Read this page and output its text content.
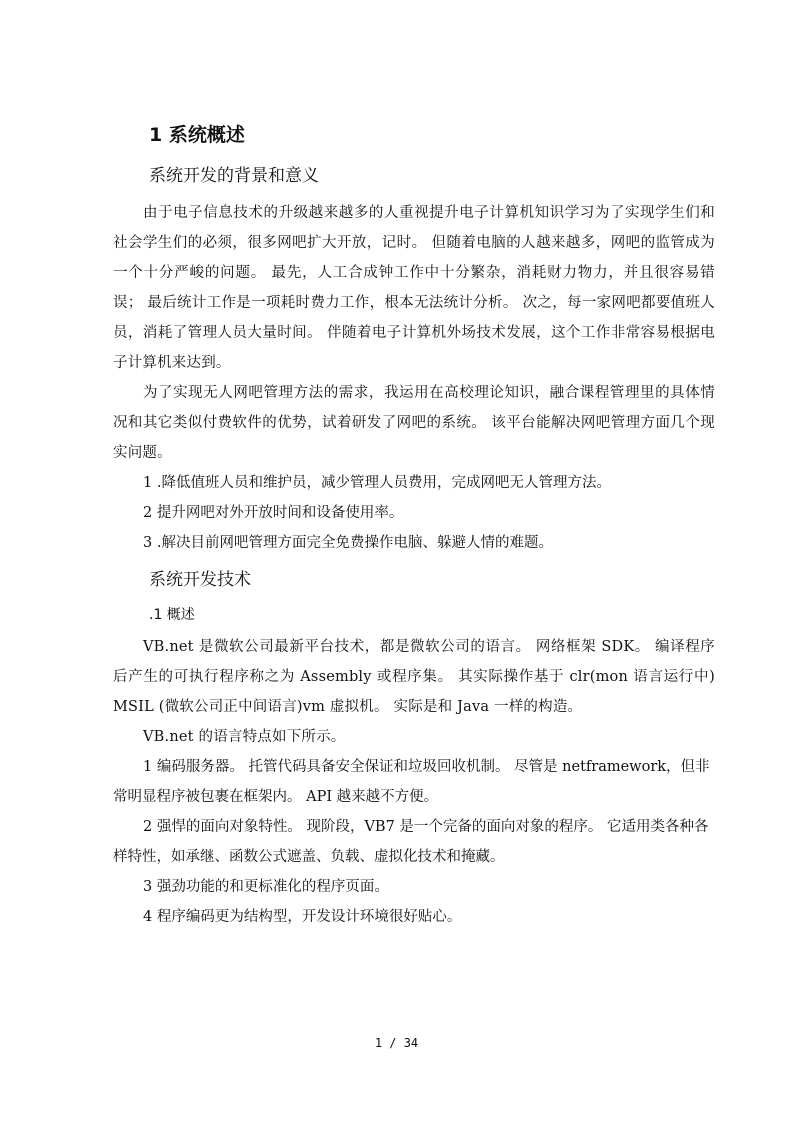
1 系统概述
系统开发的背景和意义

由于电子信息技术的升级越来越多的人重视提升电子计算机知识学习为了实现学生们和社会学生们的必须，很多网吧扩大开放，记时。 但随着电脑的人越来越多，网吧的监管成为一个十分严峻的问题。 最先，人工合成钟工作中十分繁杂，消耗财力物力，并且很容易错误； 最后统计工作是一项耗时费力工作，根本无法统计分析。 次之，每一家网吧都要值班人员，消耗了管理人员大量时间。 伴随着电子计算机外场技术发展，这个工作非常容易根据电子计算机来达到。

为了实现无人网吧管理方法的需求，我运用在高校理论知识，融合课程管理里的具体情况和其它类似付费软件的优势，试着研发了网吧的系统。 该平台能解决网吧管理方面几个现实问题。

1 .降低值班人员和维护员，减少管理人员费用，完成网吧无人管理方法。
2 提升网吧对外开放时间和设备使用率。
3 .解决目前网吧管理方面完全免费操作电脑、躲避人情的难题。
系统开发技术
.1 概述

VB.net 是微软公司最新平台技术，都是微软公司的语言。 网络框架 SDK。 编译程序后产生的可执行程序称之为 Assembly 或程序集。 其实际操作基于 clr(mon 语言运行中) MSIL (微软公司正中间语言)vm 虚拟机。 实际是和 Java 一样的构造。

VB.net 的语言特点如下所示。

1 编码服务器。 托管代码具备安全保证和垃圾回收机制。 尽管是 netframework，但非常明显程序被包裹在框架内。 API 越来越不方便。
2 强悍的面向对象特性。 现阶段，VB7 是一个完备的面向对象的程序。 它适用类各种各样特性，如承继、函数公式遮盖、负载、虚拟化技术和掩藏。
3 强劲功能的和更标准化的程序页面。
4 程序编码更为结构型，开发设计环境很好贴心。
1 / 34
